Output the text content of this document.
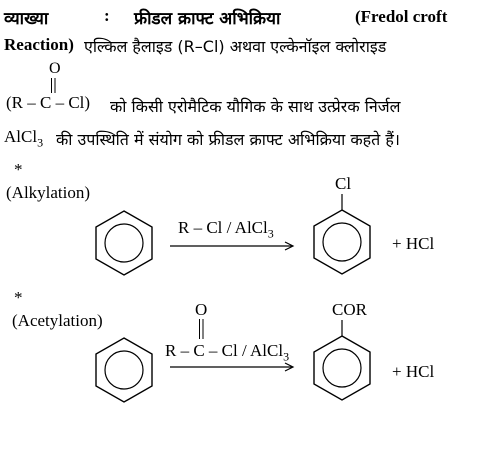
व्याख्या	: फ्रीडल क्राफ्ट अभिक्रिया	(Fredol croft
Reaction) एल्किल हैलाइड (R–Cl) अथवा एल्केनॉइल क्लोराइड
O
(R – C – Cl) को किसी एरोमैटिक यौगिक के साथ उत्प्रेरक निर्जल
AlCl$_3$ की उपस्थिति में संयोग को फ्रीडल क्राफ्ट अभिक्रिया कहते हैं।
*
(Alkylation)
R – Cl / AlCl$_3$
Cl
+ HCl
*
(Acetylation)
O
R – C – Cl / AlCl$_3$
COR
+ HCl
